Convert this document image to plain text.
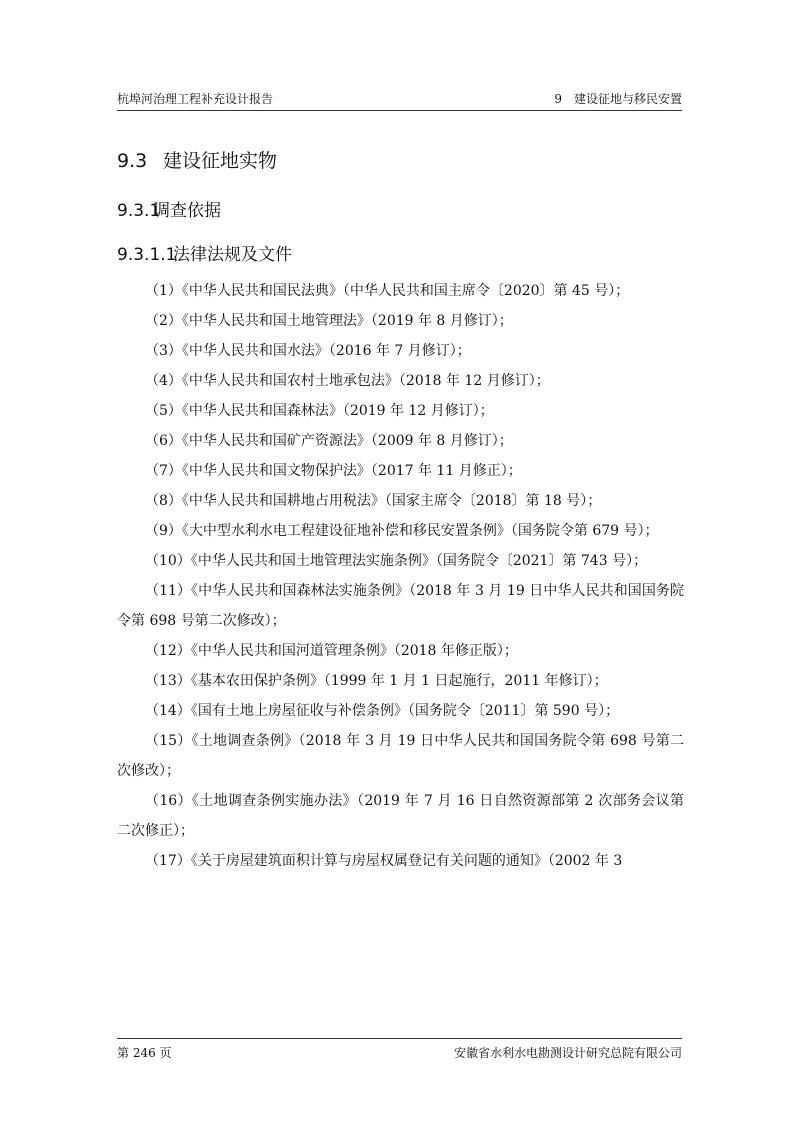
杭埠河治理工程补充设计报告	9　建设征地与移民安置
9.3 建设征地实物
9.3.1调查依据
9.3.1.1法律法规及文件
（1）《中华人民共和国民法典》（中华人民共和国主席令〔2020〕第 45 号）；
（2）《中华人民共和国土地管理法》（2019 年 8 月修订）；
（3）《中华人民共和国水法》（2016 年 7 月修订）；
（4）《中华人民共和国农村土地承包法》（2018 年 12 月修订）；
（5）《中华人民共和国森林法》（2019 年 12 月修订）；
（6）《中华人民共和国矿产资源法》（2009 年 8 月修订）；
（7）《中华人民共和国文物保护法》（2017 年 11 月修正）；
（8）《中华人民共和国耕地占用税法》（国家主席令〔2018〕第 18 号）；
（9）《大中型水利水电工程建设征地补偿和移民安置条例》（国务院令第 679 号）；
（10）《中华人民共和国土地管理法实施条例》（国务院令〔2021〕第 743 号）；
（11）《中华人民共和国森林法实施条例》（2018 年 3 月 19 日中华人民共和国国务院令第 698 号第二次修改）；
（12）《中华人民共和国河道管理条例》（2018 年修正版）；
（13）《基本农田保护条例》（1999 年 1 月 1 日起施行，2011 年修订）；
（14）《国有土地上房屋征收与补偿条例》（国务院令〔2011〕第 590 号）；
（15）《土地调查条例》（2018 年 3 月 19 日中华人民共和国国务院令第 698 号第二次修改）；
（16）《土地调查条例实施办法》（2019 年 7 月 16 日自然资源部第 2 次部务会议第二次修正）；
（17）《关于房屋建筑面积计算与房屋权属登记有关问题的通知》（2002 年 3
第 246 页	安徽省水利水电勘测设计研究总院有限公司
